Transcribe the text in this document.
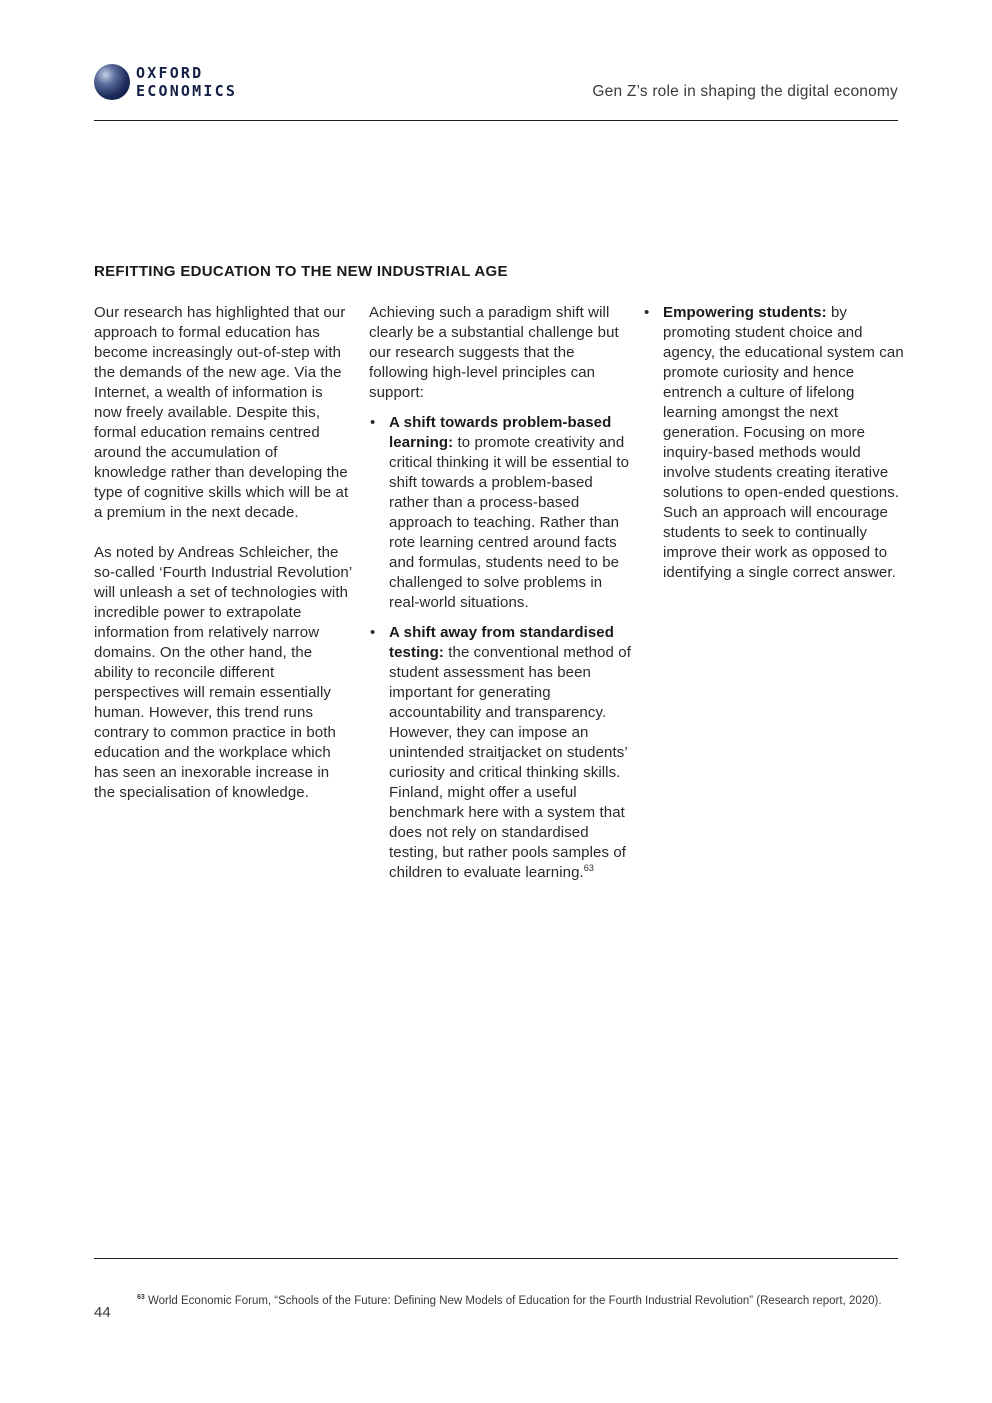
OXFORD
ECONOMICS	Gen Z’s role in shaping the digital economy
REFITTING EDUCATION TO THE NEW INDUSTRIAL AGE

Our research has highlighted that our approach to formal education has become increasingly out-of-step with the demands of the new age. Via the Internet, a wealth of information is now freely available. Despite this, formal education remains centred around the accumulation of knowledge rather than developing the type of cognitive skills which will be at a premium in the next decade.

As noted by Andreas Schleicher, the so-called ‘Fourth Industrial Revolution’ will unleash a set of technologies with incredible power to extrapolate information from relatively narrow domains. On the other hand, the ability to reconcile different perspectives will remain essentially human. However, this trend runs contrary to common practice in both education and the workplace which has seen an inexorable increase in the specialisation of knowledge.

Achieving such a paradigm shift will clearly be a substantial challenge but our research suggests that the following high-level principles can support:

• A shift towards problem-based learning: to promote creativity and critical thinking it will be essential to shift towards a problem-based rather than a process-based approach to teaching. Rather than rote learning centred around facts and formulas, students need to be challenged to solve problems in real-world situations.
• A shift away from standardised testing: the conventional method of student assessment has been important for generating accountability and transparency. However, they can impose an unintended straitjacket on students’ curiosity and critical thinking skills. Finland, might offer a useful benchmark here with a system that does not rely on standardised testing, but rather pools samples of children to evaluate learning.$^{63}$
• Empowering students: by promoting student choice and agency, the educational system can promote curiosity and hence entrench a culture of lifelong learning amongst the next generation. Focusing on more inquiry-based methods would involve students creating iterative solutions to open-ended questions. Such an approach will encourage students to seek to continually improve their work as opposed to identifying a single correct answer.
44
$^{63}$ World Economic Forum, “Schools of the Future: Defining New Models of Education for the Fourth Industrial Revolution” (Research report, 2020).
